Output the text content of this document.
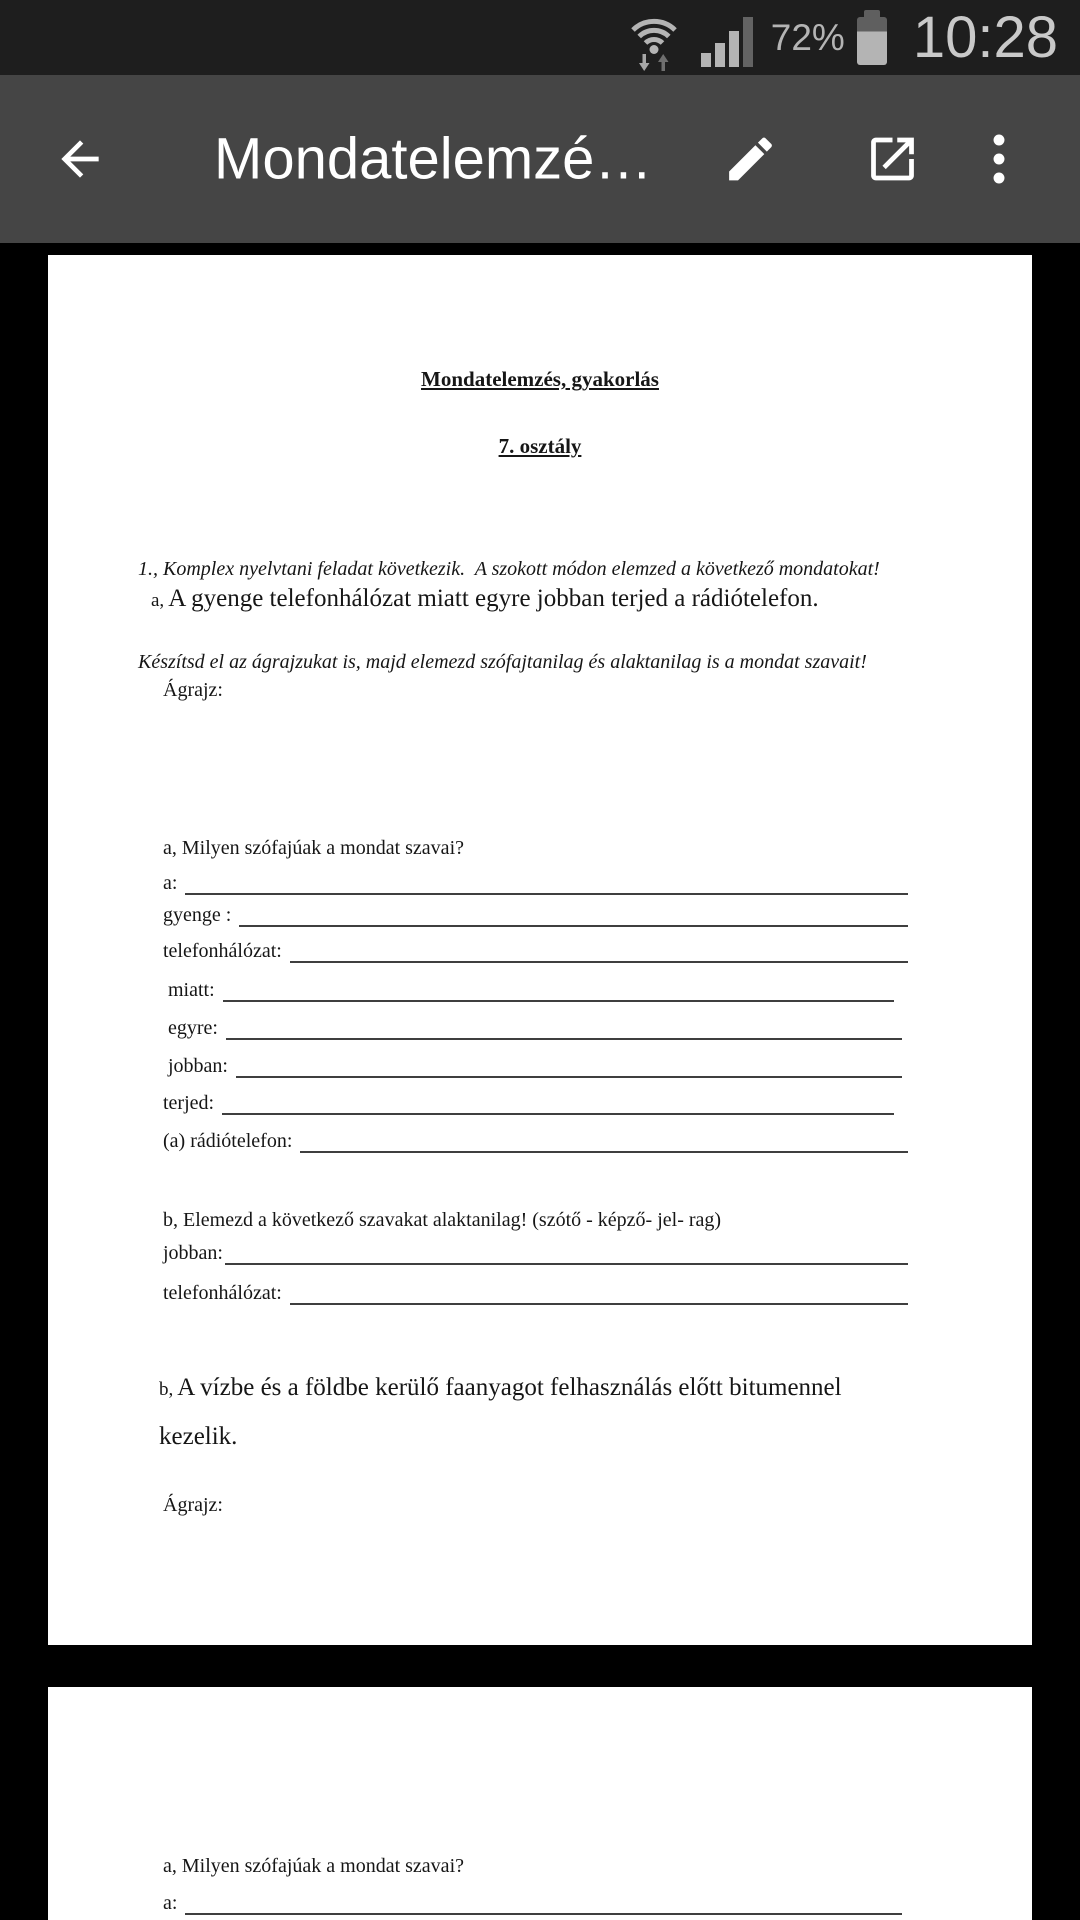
72% 10:28
Mondatelemzé…
Mondatelemzés, gyakorlás
7. osztály

1., Komplex nyelvtani feladat következik.  A szokott módon elemzed a következő mondatokat!

Készítsd el az ágrajzukat is, majd elemezd szófajtanilag és alaktanilag is a mondat szavait!

a, A gyenge telefonhálózat miatt egyre jobban terjed a rádiótelefon.
Ágrajz:
a, Milyen szófajúak a mondat szavai?
a:
gyenge :
telefonhálózat:
miatt:
egyre:
jobban:
terjed:
(a) rádiótelefon:
b, Elemezd a következő szavakat alaktanilag! (szótő - képző- jel- rag)
jobban:
telefonhálózat:
b, A vízbe és a földbe kerülő faanyagot felhasználás előtt bitumennel
kezelik.
Ágrajz:
a, Milyen szófajúak a mondat szavai?
a:
